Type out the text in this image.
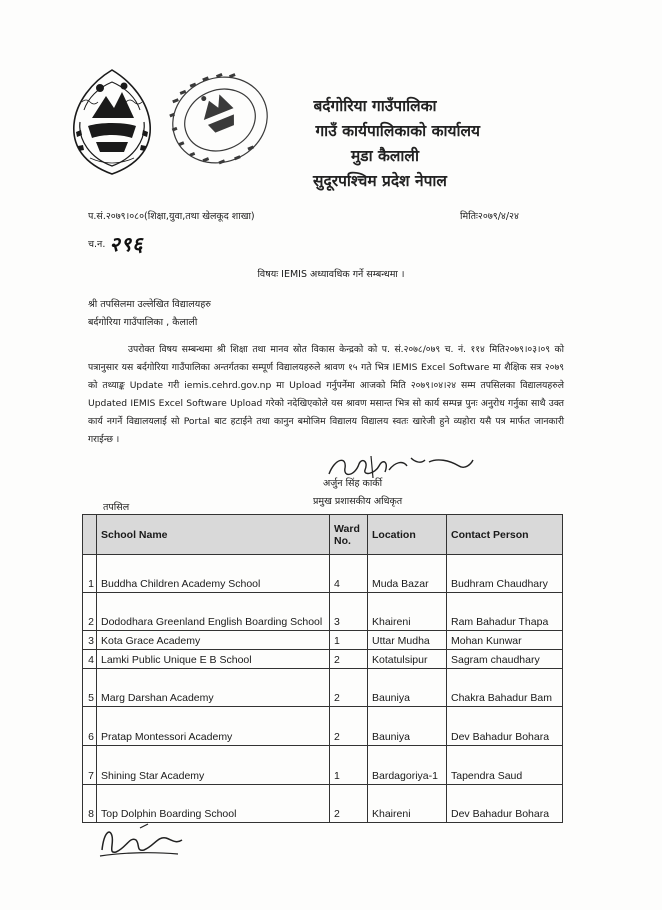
बर्दगोरिया गाउँपालिका
गाउँ कार्यपालिकाको कार्यालय
मुडा कैलाली
सुदूरपश्चिम प्रदेश नेपाल
प.सं.२०७९।०८०(शिक्षा,युवा,तथा खेलकूद शाखा)	मितिः२०७९/४/२४
च.न. २९६
विषयः IEMIS अध्यावधिक गर्ने सम्बन्धमा ।
श्री तपसिलमा उल्लेखित विद्यालयहरु
बर्दगोरिया गाउँपालिका , कैलाली

उपरोक्त विषय सम्बन्धमा श्री शिक्षा तथा मानव स्रोत विकास केन्द्रको को प. सं.२०७८/०७९ च. नं. ११४ मिति२०७९।०३।०९ को पत्रानुसार यस बर्दगोरिया गाउँपालिका अन्तर्गतका सम्पूर्ण विद्यालयहरुले श्रावण १५ गते भित्र IEMIS Excel Software मा शैक्षिक सत्र २०७९ को तथ्याङ्क Update गरी iemis.cehrd.gov.np मा Upload गर्नुपर्नेमा आजको मिति २०७९।०४।२४ सम्म तपसिलका विद्यालयहरुले Updated IEMIS Excel Software Upload गरेको नदेखिएकोले यस श्रावण मसान्त भित्र सो कार्य सम्पन्न पुनः अनुरोध गर्नुका साथै उक्त कार्य नगर्ने विद्यालयलाई सो Portal बाट हटाईने तथा कानुन बमोजिम विद्यालय विद्यालय स्वतः खारेजी हुने व्यहोरा यसै पत्र मार्फत जानकारी गराईन्छ ।

अर्जुन सिंह कार्की
प्रमुख प्रशासकीय अधिकृत
तपसिल
	School Name	Ward No.	Location	Contact Person
1	Buddha Children Academy School	4	Muda Bazar	Budhram Chaudhary
2	Dododhara Greenland English Boarding School	3	Khaireni	Ram Bahadur Thapa
3	Kota Grace Academy	1	Uttar Mudha	Mohan Kunwar
4	Lamki Public Unique E B School	2	Kotatulsipur	Sagram chaudhary
5	Marg Darshan Academy	2	Bauniya	Chakra Bahadur Bam
6	Pratap Montessori Academy	2	Bauniya	Dev Bahadur Bohara
7	Shining Star Academy	1	Bardagoriya-1	Tapendra Saud
8	Top Dolphin Boarding School	2	Khaireni	Dev Bahadur Bohara
